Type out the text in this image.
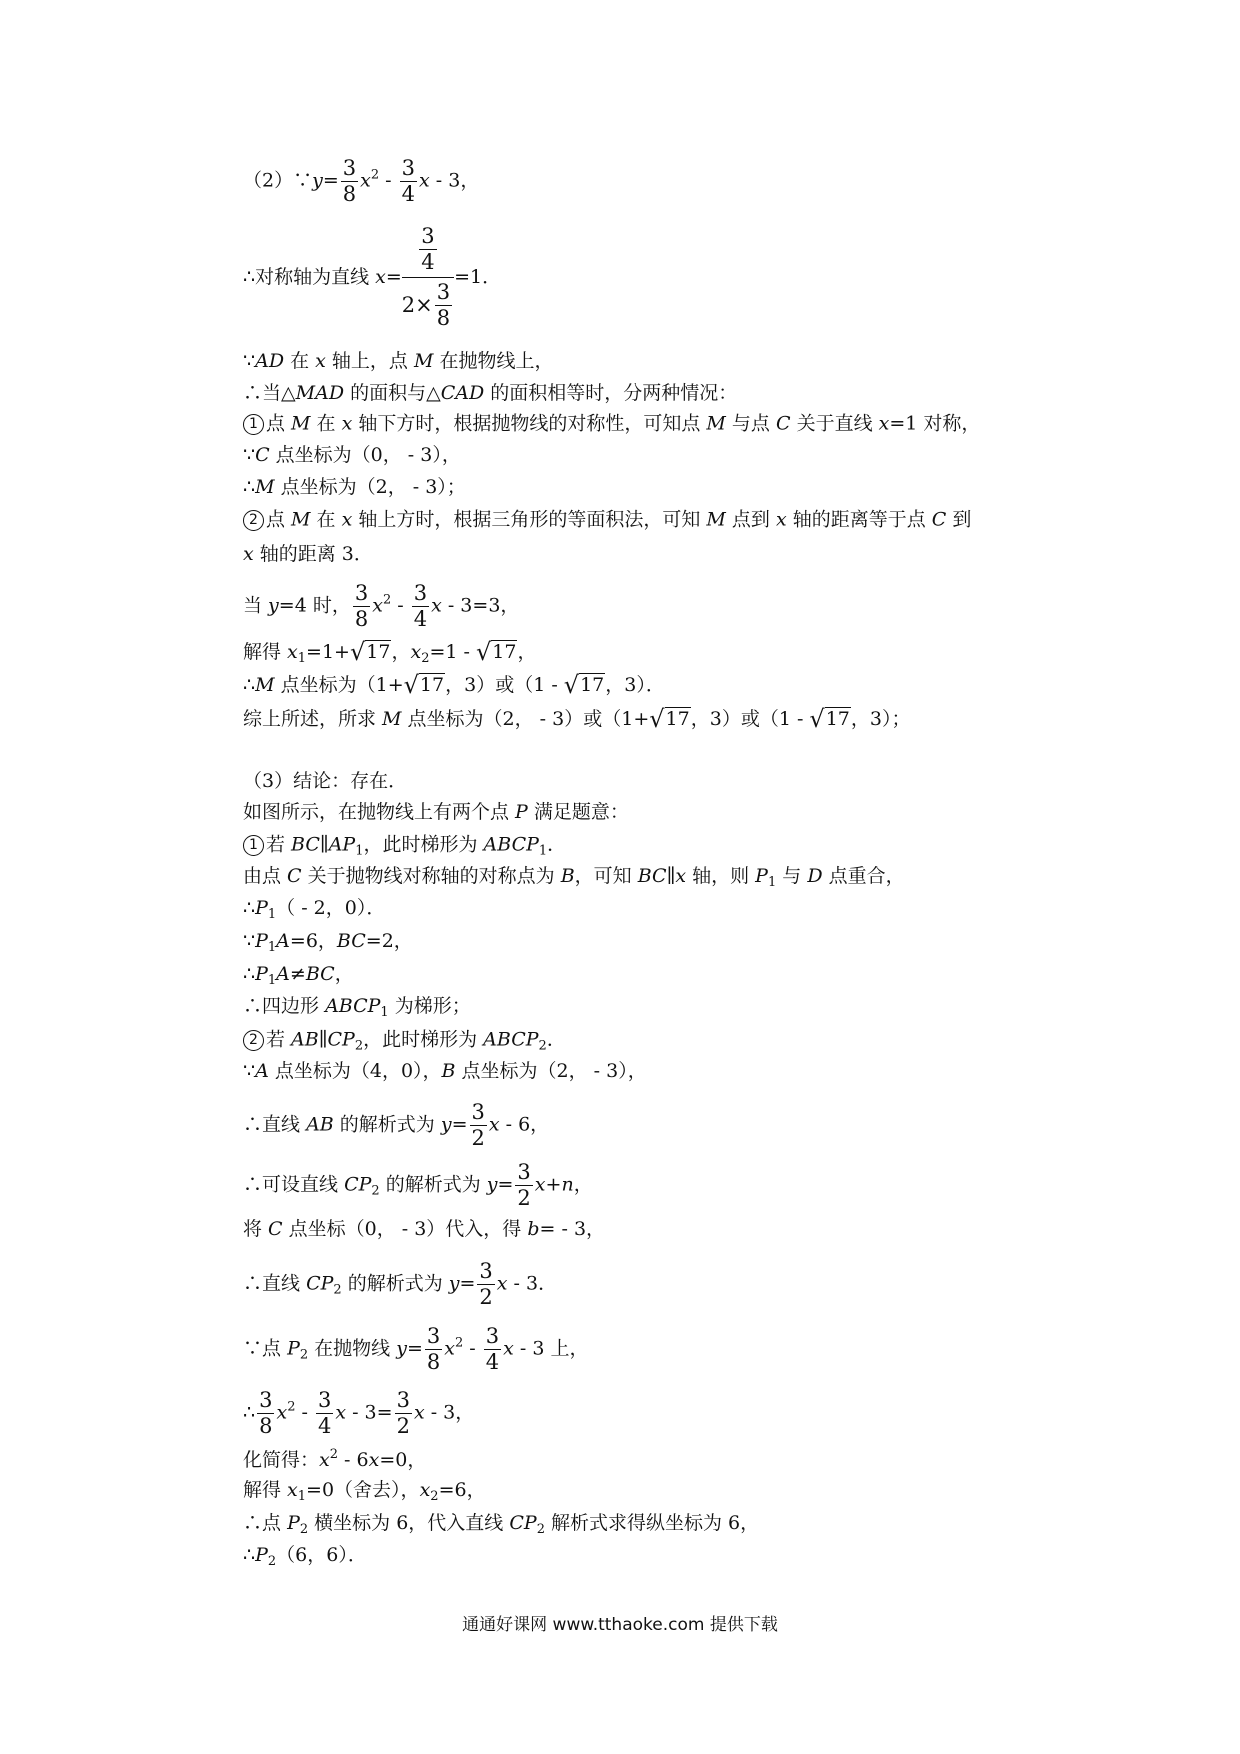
（2）∵y= $\frac{3}{8} x^2 - \frac{3}{4}$ x - 3，
∴对称轴为直线 $x= \frac{\frac{3}{4}}{2\times \frac{3}{8}} =1$．
∵AD 在 x 轴上，点 M 在抛物线上，
∴当△MAD 的面积与△CAD 的面积相等时，分两种情况：
1 点 M 在 x 轴下方时，根据抛物线的对称性，可知点 M 与点 C 关于直线 x=1 对称，
∵C 点坐标为（0， - 3），
∴M 点坐标为（2， - 3）；
2 点 M 在 x 轴上方时，根据三角形的等面积法，可知 M 点到 x 轴的距离等于点 C 到
x 轴的距离 3．
当 y=4 时， $\frac{3}{8} x^2 - \frac{3}{4}$ x - 3=3，
解得 $x_1=1+√17$，$x_2=1 - √17$，
∴M 点坐标为（1+√17，3）或（1 - √17，3）．
综上所述，所求 M 点坐标为（2， - 3）或（1+√17，3）或（1 - √17，3）；
（3）结论：存在．
如图所示，在抛物线上有两个点 P 满足题意：
1 若 $BC\parallel AP_1$，此时梯形为 $ABCP_1$．
由点 C 关于抛物线对称轴的对称点为 B，可知 BC∥x 轴，则 $P_1$ 与 D 点重合，
$\therefore P_1( - 2$，0）．
$\because P_1A=6$，BC=2，
$\therefore P_1A\ne BC$，
∴四边形 $ABCP_1$ 为梯形；
2 若 $AB\parallel CP_2$，此时梯形为 $ABCP_2$．
∵A 点坐标为（4，0），B 点坐标为（2， - 3），
∴直线 AB 的解析式为 $y= \frac{3}{2}$ x - 6，
∴可设直线 $CP_2$ 的解析式为 $y= \frac{3}{2} x+n$，
将 C 点坐标（0， - 3）代入，得 b= - 3，
∴直线 $CP_2$ 的解析式为 $y= \frac{3}{2}$ x - 3．
∵点 $P_2$ 在抛物线 $y= \frac{3}{8} x^2 - \frac{3}{4}$ x - 3 上，
∴ $\frac{3}{8} x^2 - \frac{3}{4}$ $x - 3= \frac{3}{2}$ x - 3，
化简得：$x^2 - 6x=0$，
解得 $x_1=0$（舍去），$x_2=6$，
∴点 $P_2$ 横坐标为 6，代入直线 $CP_2$ 解析式求得纵坐标为 6，
$\therefore P_2(6$，6）．
通通好课网 www.tthaoke.com 提供下载
